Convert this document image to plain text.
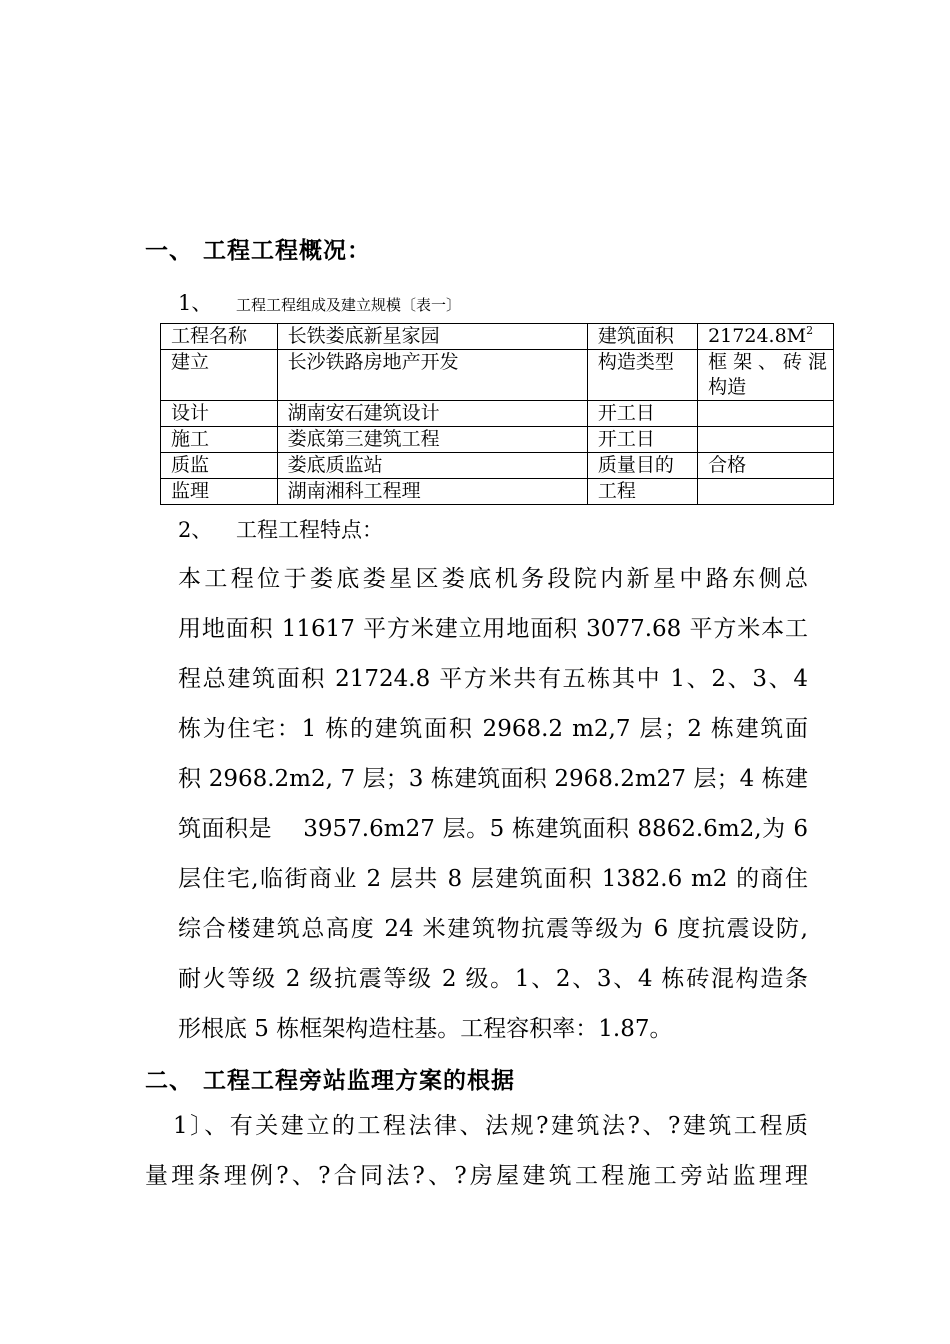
一、 工程工程概况：
1、 工程工程组成及建立规模〔表一〕
工程名称	长铁娄底新星家园	建筑面积	$21724.8M^2$
建立	长沙铁路房地产开发	构造类型	框架、砖混
构造

设计	湖南安石建筑设计	开工日	
施工	娄底第三建筑工程	开工日	
质监	娄底质监站	质量目的	合格
监理	湖南湘科工程理	工程	
2、 工程工程特点：
本工程位于娄底娄星区娄底机务段院内新星中路东侧总
用地面积 11617 平方米建立用地面积 3077.68 平方米本工
程总建筑面积 21724.8 平方米共有五栋其中 1、2、3、4
栋为住宅：1 栋的建筑面积 2968.2 m2,7 层；2 栋建筑面
积 2968.2m2, 7 层；3 栋建筑面积 2968.2m27 层；4 栋建
筑面积是　 3957.6m27 层。5 栋建筑面积 8862.6m2,为 6
层住宅,临街商业 2 层共 8 层建筑面积 1382.6 m2 的商住
综合楼建筑总高度 24 米建筑物抗震等级为 6 度抗震设防,
耐火等级 2 级抗震等级 2 级。1、2、3、4 栋砖混构造条
形根底 5 栋框架构造柱基。工程容积率：1.87。
二、 工程工程旁站监理方案的根据
1〕、有关建立的工程法律、法规?建筑法?、?建筑工程质
量理条理例?、?合同法?、?房屋建筑工程施工旁站监理理
